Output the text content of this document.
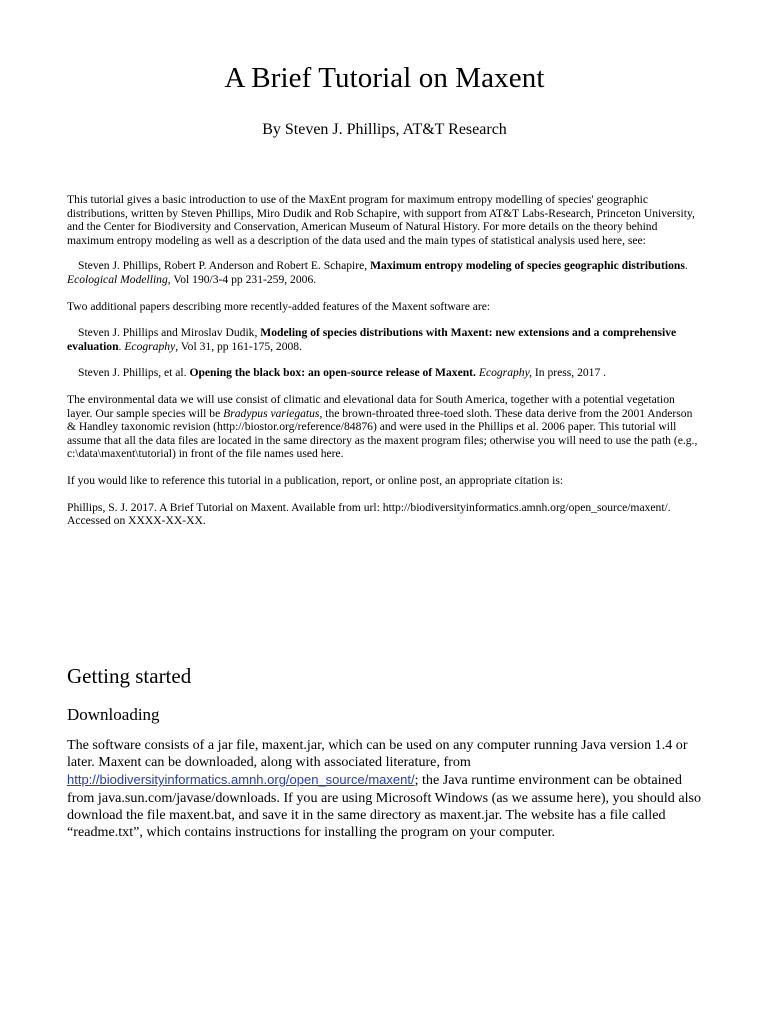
A Brief Tutorial on Maxent

By Steven J. Phillips, AT&T Research

This tutorial gives a basic introduction to use of the MaxEnt program for maximum entropy modelling of species' geographic distributions, written by Steven Phillips, Miro Dudik and Rob Schapire, with support from AT&T Labs-Research, Princeton University, and the Center for Biodiversity and Conservation, American Museum of Natural History. For more details on the theory behind maximum entropy modeling as well as a description of the data used and the main types of statistical analysis used here, see:

Steven J. Phillips, Robert P. Anderson and Robert E. Schapire, Maximum entropy modeling of species geographic distributions. Ecological Modelling, Vol 190/3-4 pp 231-259, 2006.

Two additional papers describing more recently-added features of the Maxent software are:

Steven J. Phillips and Miroslav Dudik, Modeling of species distributions with Maxent: new extensions and a comprehensive evaluation. Ecography, Vol 31, pp 161-175, 2008.

Steven J. Phillips, et al. Opening the black box: an open-source release of Maxent. Ecography, In press, 2017 .

The environmental data we will use consist of climatic and elevational data for South America, together with a potential vegetation layer. Our sample species will be Bradypus variegatus, the brown-throated three-toed sloth. These data derive from the 2001 Anderson & Handley taxonomic revision (http://biostor.org/reference/84876) and were used in the Phillips et al. 2006 paper. This tutorial will assume that all the data files are located in the same directory as the maxent program files; otherwise you will need to use the path (e.g., c:\data\maxent\tutorial) in front of the file names used here.

If you would like to reference this tutorial in a publication, report, or online post, an appropriate citation is:

Phillips, S. J. 2017. A Brief Tutorial on Maxent. Available from url: http://biodiversityinformatics.amnh.org/open_source/maxent/. Accessed on XXXX-XX-XX.

Getting started
Downloading

The software consists of a jar file, maxent.jar, which can be used on any computer running Java version 1.4 or later. Maxent can be downloaded, along with associated literature, from http://biodiversityinformatics.amnh.org/open_source/maxent/; the Java runtime environment can be obtained from java.sun.com/javase/downloads. If you are using Microsoft Windows (as we assume here), you should also download the file maxent.bat, and save it in the same directory as maxent.jar. The website has a file called “readme.txt”, which contains instructions for installing the program on your computer.
